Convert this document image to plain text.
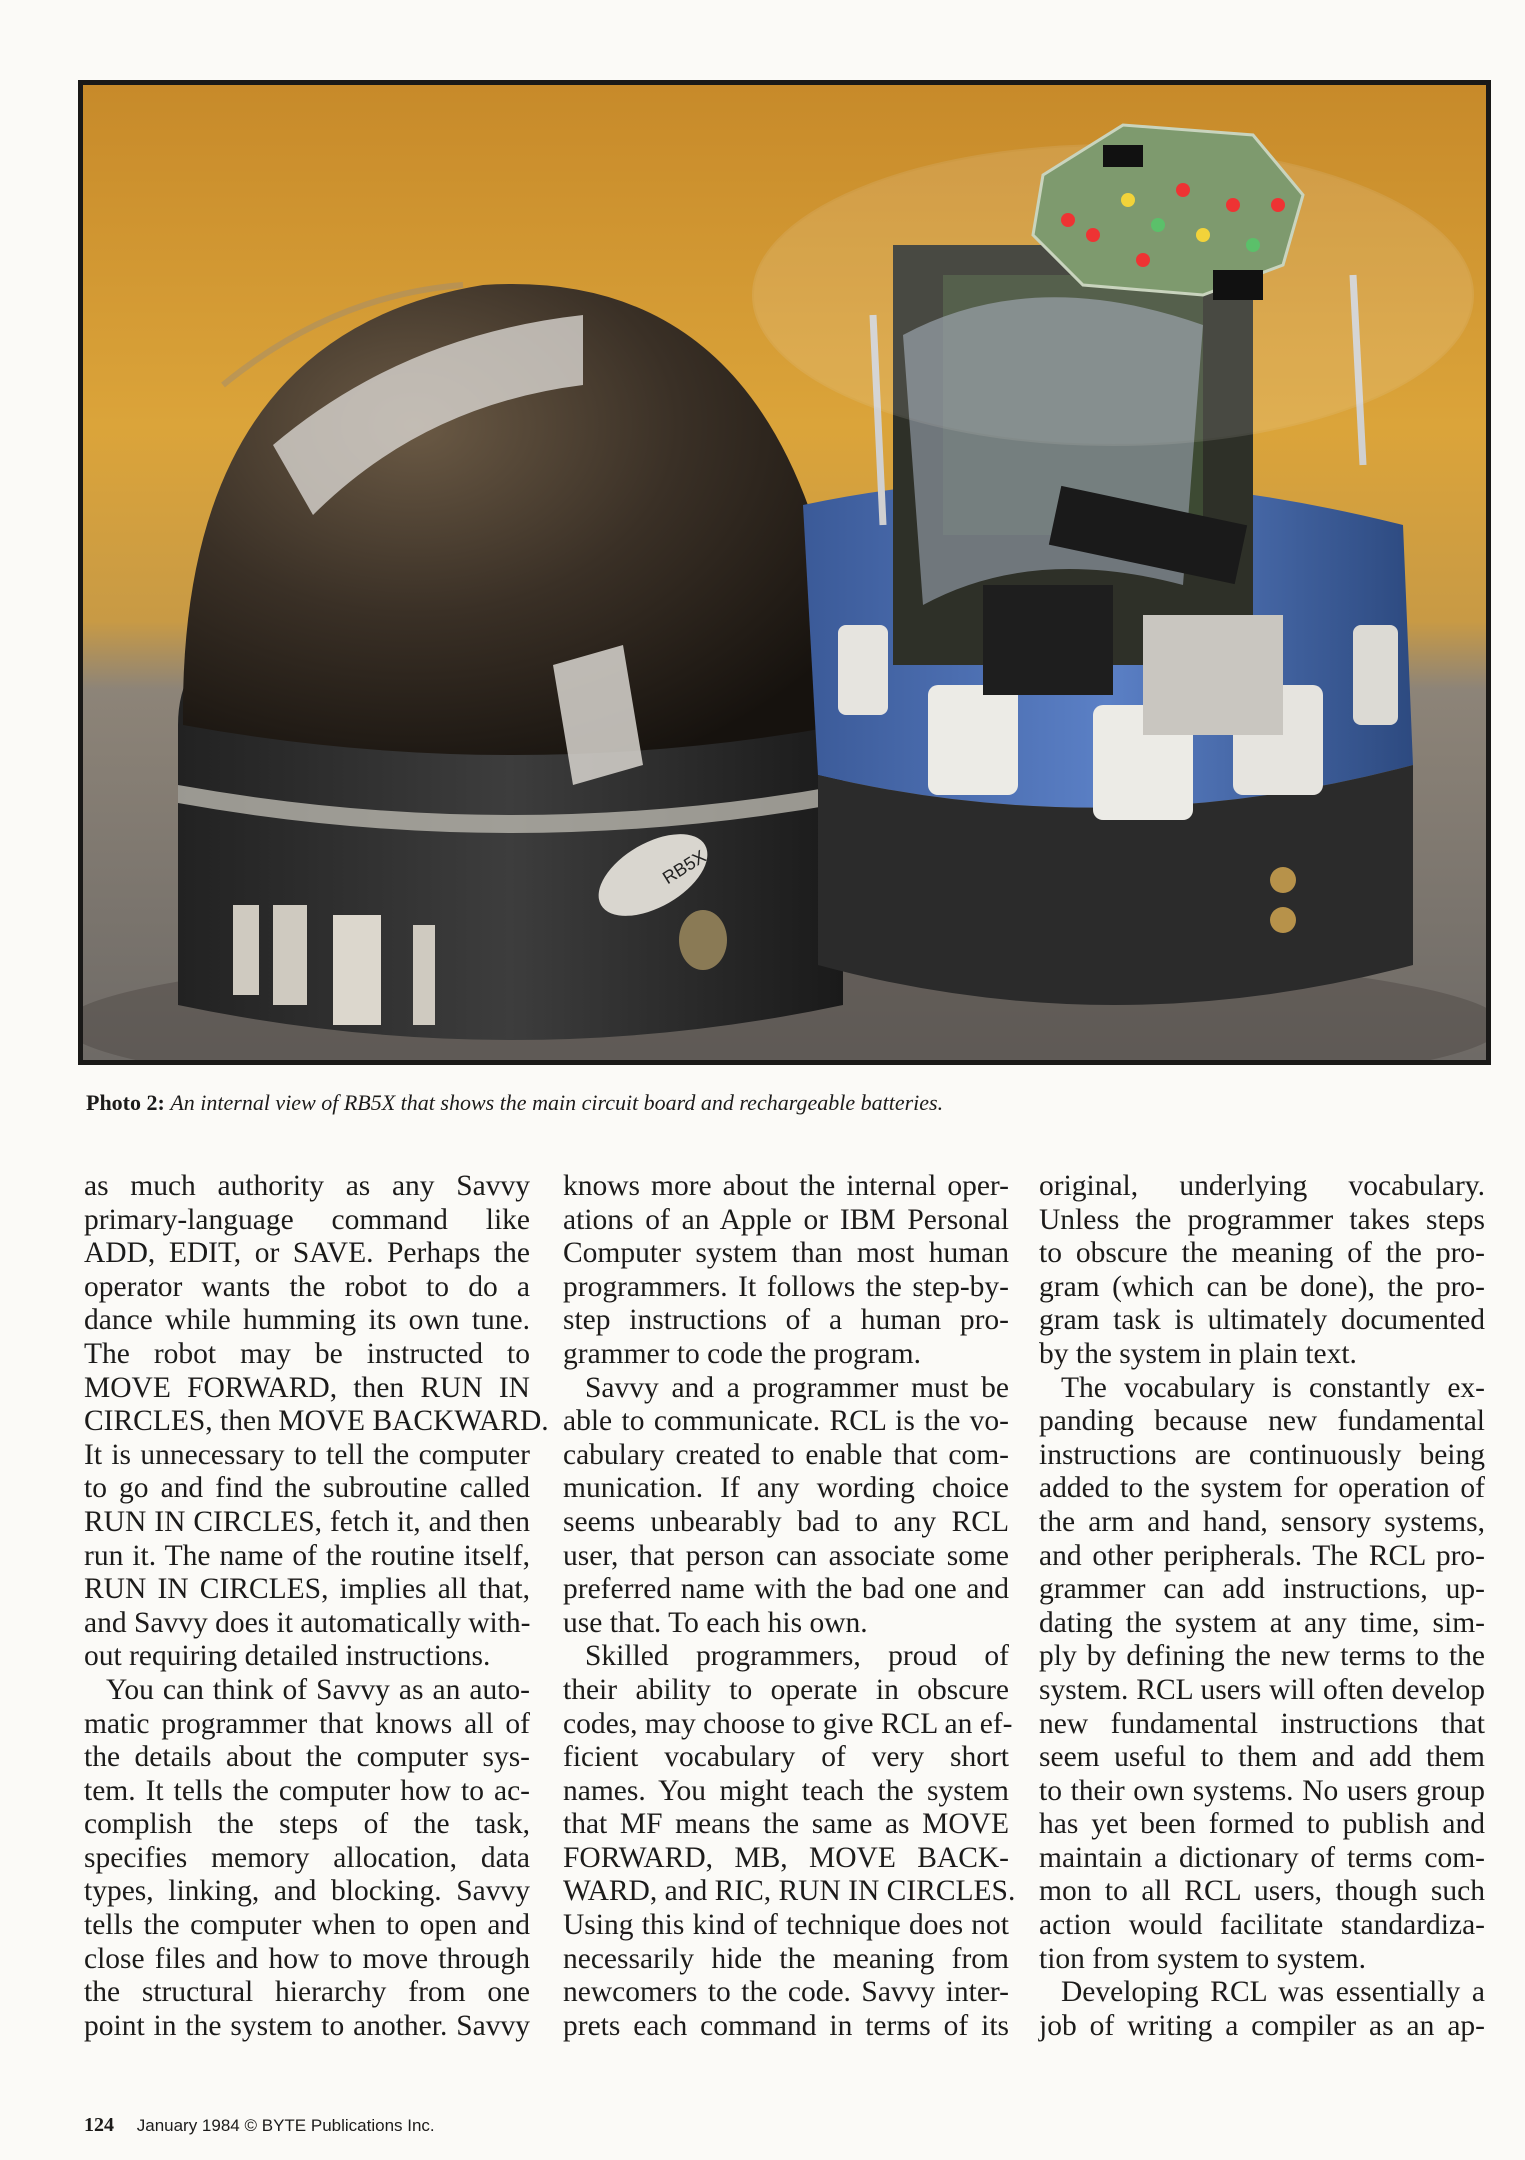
RB5X
Photo 2: An internal view of RB5X that shows the main circuit board and rechargeable batteries.
as much authority as any Savvy
primary-language command like
ADD, EDIT, or SAVE. Perhaps the
operator wants the robot to do a
dance while humming its own tune.
The robot may be instructed to
MOVE FORWARD, then RUN IN
CIRCLES, then MOVE BACKWARD.
It is unnecessary to tell the computer
to go and find the subroutine called
RUN IN CIRCLES, fetch it, and then
run it. The name of the routine itself,
RUN IN CIRCLES, implies all that,
and Savvy does it automatically with-
out requiring detailed instructions.
You can think of Savvy as an auto-
matic programmer that knows all of
the details about the computer sys-
tem. It tells the computer how to ac-
complish the steps of the task,
specifies memory allocation, data
types, linking, and blocking. Savvy
tells the computer when to open and
close files and how to move through
the structural hierarchy from one
point in the system to another. Savvy
knows more about the internal oper-
ations of an Apple or IBM Personal
Computer system than most human
programmers. It follows the step-by-
step instructions of a human pro-
grammer to code the program.
Savvy and a programmer must be
able to communicate. RCL is the vo-
cabulary created to enable that com-
munication. If any wording choice
seems unbearably bad to any RCL
user, that person can associate some
preferred name with the bad one and
use that. To each his own.
Skilled programmers, proud of
their ability to operate in obscure
codes, may choose to give RCL an ef-
ficient vocabulary of very short
names. You might teach the system
that MF means the same as MOVE
FORWARD, MB, MOVE BACK-
WARD, and RIC, RUN IN CIRCLES.
Using this kind of technique does not
necessarily hide the meaning from
newcomers to the code. Savvy inter-
prets each command in terms of its
original, underlying vocabulary.
Unless the programmer takes steps
to obscure the meaning of the pro-
gram (which can be done), the pro-
gram task is ultimately documented
by the system in plain text.
The vocabulary is constantly ex-
panding because new fundamental
instructions are continuously being
added to the system for operation of
the arm and hand, sensory systems,
and other peripherals. The RCL pro-
grammer can add instructions, up-
dating the system at any time, sim-
ply by defining the new terms to the
system. RCL users will often develop
new fundamental instructions that
seem useful to them and add them
to their own systems. No users group
has yet been formed to publish and
maintain a dictionary of terms com-
mon to all RCL users, though such
action would facilitate standardiza-
tion from system to system.
Developing RCL was essentially a
job of writing a compiler as an ap-
124 January 1984 © BYTE Publications Inc.
